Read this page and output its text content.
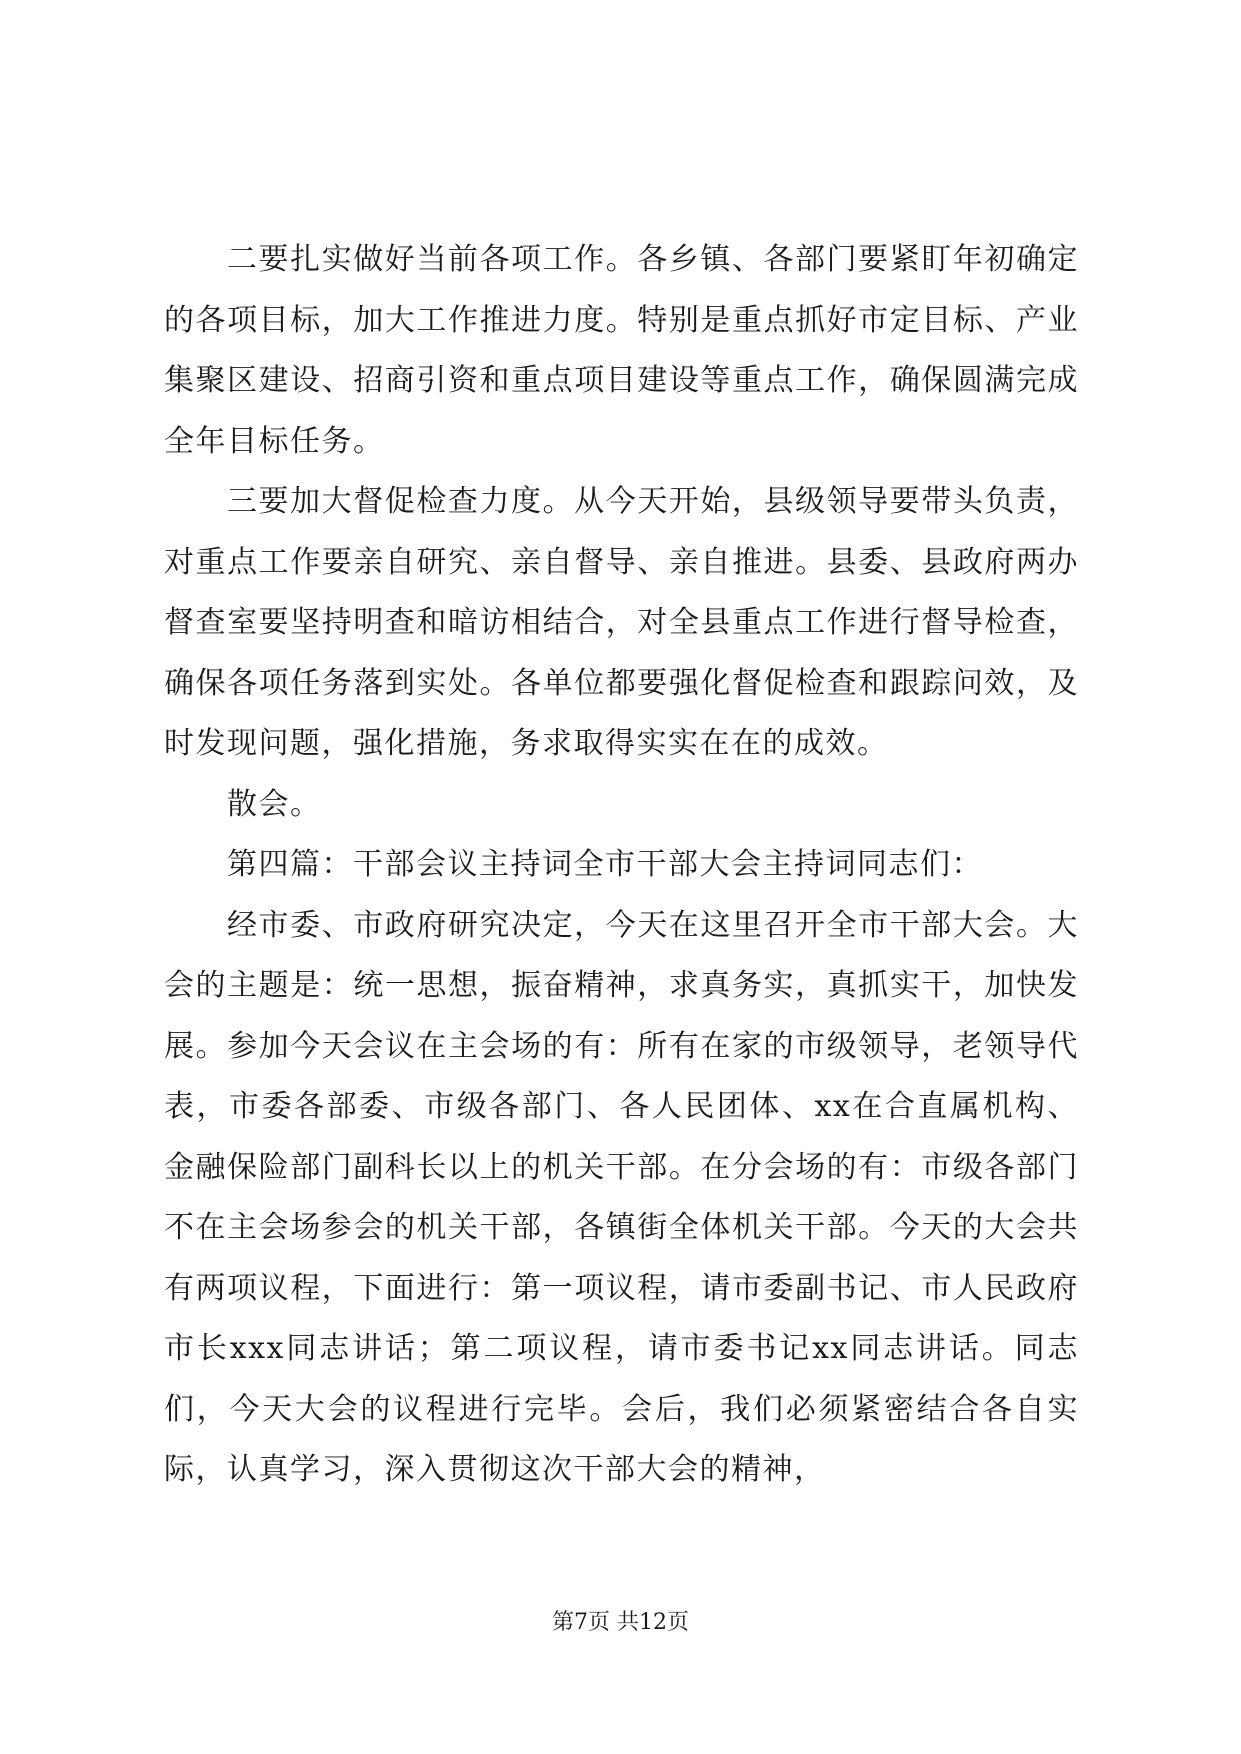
二要扎实做好当前各项工作。各乡镇、各部门要紧盯年初确定的各项目标，加大工作推进力度。特别是重点抓好市定目标、产业集聚区建设、招商引资和重点项目建设等重点工作，确保圆满完成全年目标任务。

三要加大督促检查力度。从今天开始，县级领导要带头负责，对重点工作要亲自研究、亲自督导、亲自推进。县委、县政府两办督查室要坚持明查和暗访相结合，对全县重点工作进行督导检查，确保各项任务落到实处。各单位都要强化督促检查和跟踪问效，及时发现问题，强化措施，务求取得实实在在的成效。

散会。

第四篇：干部会议主持词全市干部大会主持词同志们：

经市委、市政府研究决定，今天在这里召开全市干部大会。大会的主题是：统一思想，振奋精神，求真务实，真抓实干，加快发展。参加今天会议在主会场的有：所有在家的市级领导，老领导代表，市委各部委、市级各部门、各人民团体、xx在合直属机构、金融保险部门副科长以上的机关干部。在分会场的有：市级各部门不在主会场参会的机关干部，各镇街全体机关干部。今天的大会共有两项议程，下面进行：第一项议程，请市委副书记、市人民政府市长xxx同志讲话；第二项议程，请市委书记xx同志讲话。同志们，今天大会的议程进行完毕。会后，我们必须紧密结合各自实际，认真学习，深入贯彻这次干部大会的精神，

第7页 共12页
